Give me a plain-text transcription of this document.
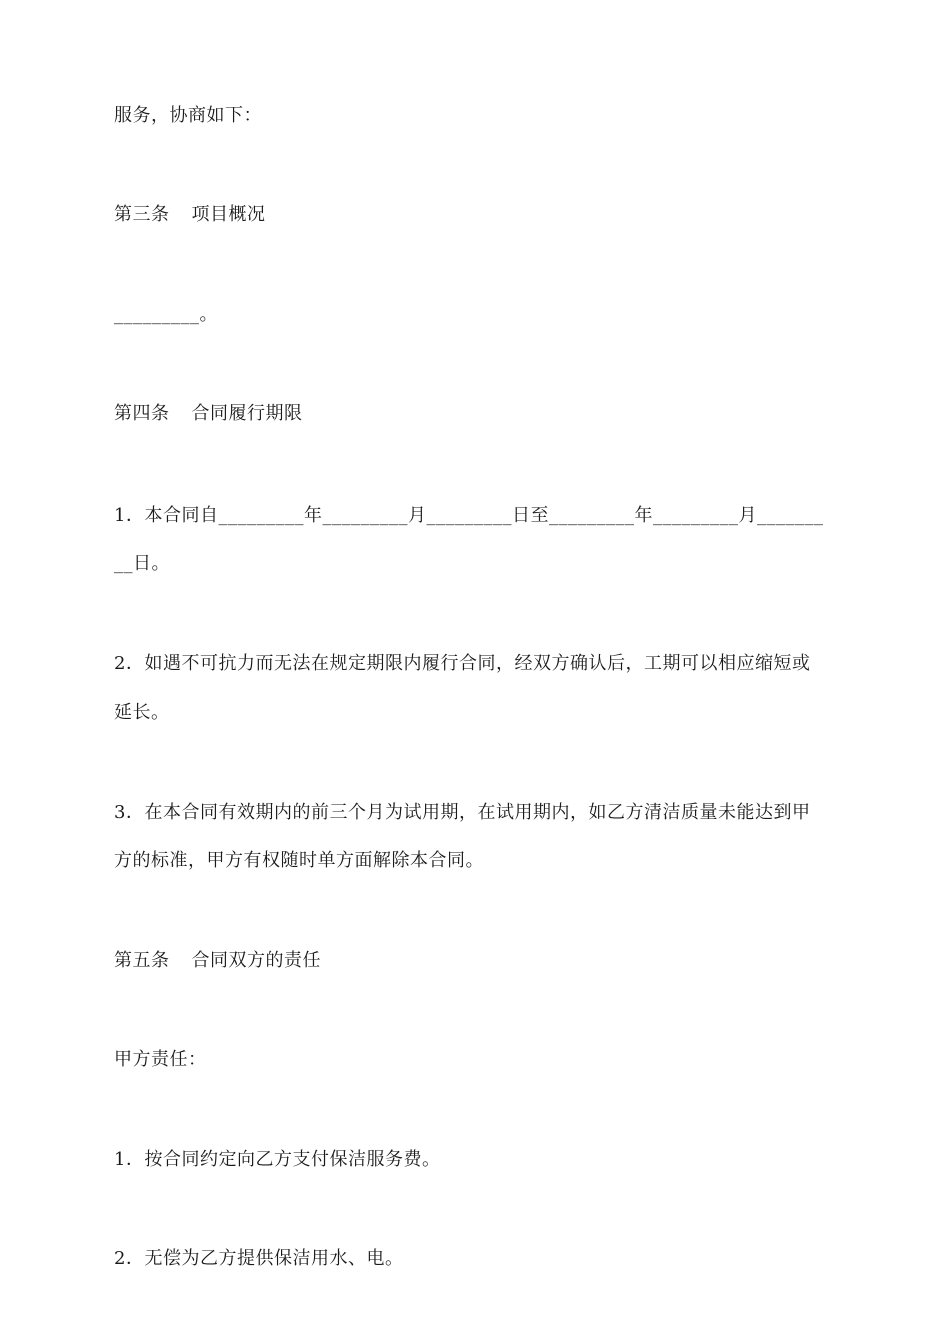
服务，协商如下：
第三条 项目概况
_________。
第四条 合同履行期限
1．本合同自_________年_________月_________日至_________年_________月_______
__日。
2．如遇不可抗力而无法在规定期限内履行合同，经双方确认后，工期可以相应缩短或
延长。
3．在本合同有效期内的前三个月为试用期，在试用期内，如乙方清洁质量未能达到甲
方的标准，甲方有权随时单方面解除本合同。
第五条 合同双方的责任
甲方责任：
1．按合同约定向乙方支付保洁服务费。
2．无偿为乙方提供保洁用水、电。
